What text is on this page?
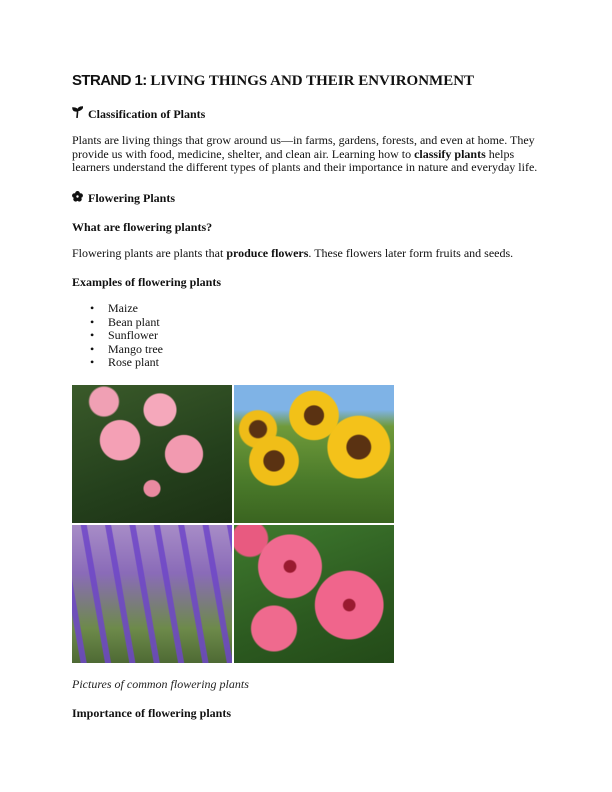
STRAND 1: LIVING THINGS AND THEIR ENVIRONMENT
Classification of Plants

Plants are living things that grow around us—in farms, gardens, forests, and even at home. They provide us with food, medicine, shelter, and clean air. Learning how to classify plants helps learners understand the different types of plants and their importance in nature and everyday life.

Flowering Plants
What are flowering plants?

Flowering plants are plants that produce flowers. These flowers later form fruits and seeds.

Examples of flowering plants
• Maize
• Bean plant
• Sunflower
• Mango tree
• Rose plant
Pictures of common flowering plants
Importance of flowering plants
